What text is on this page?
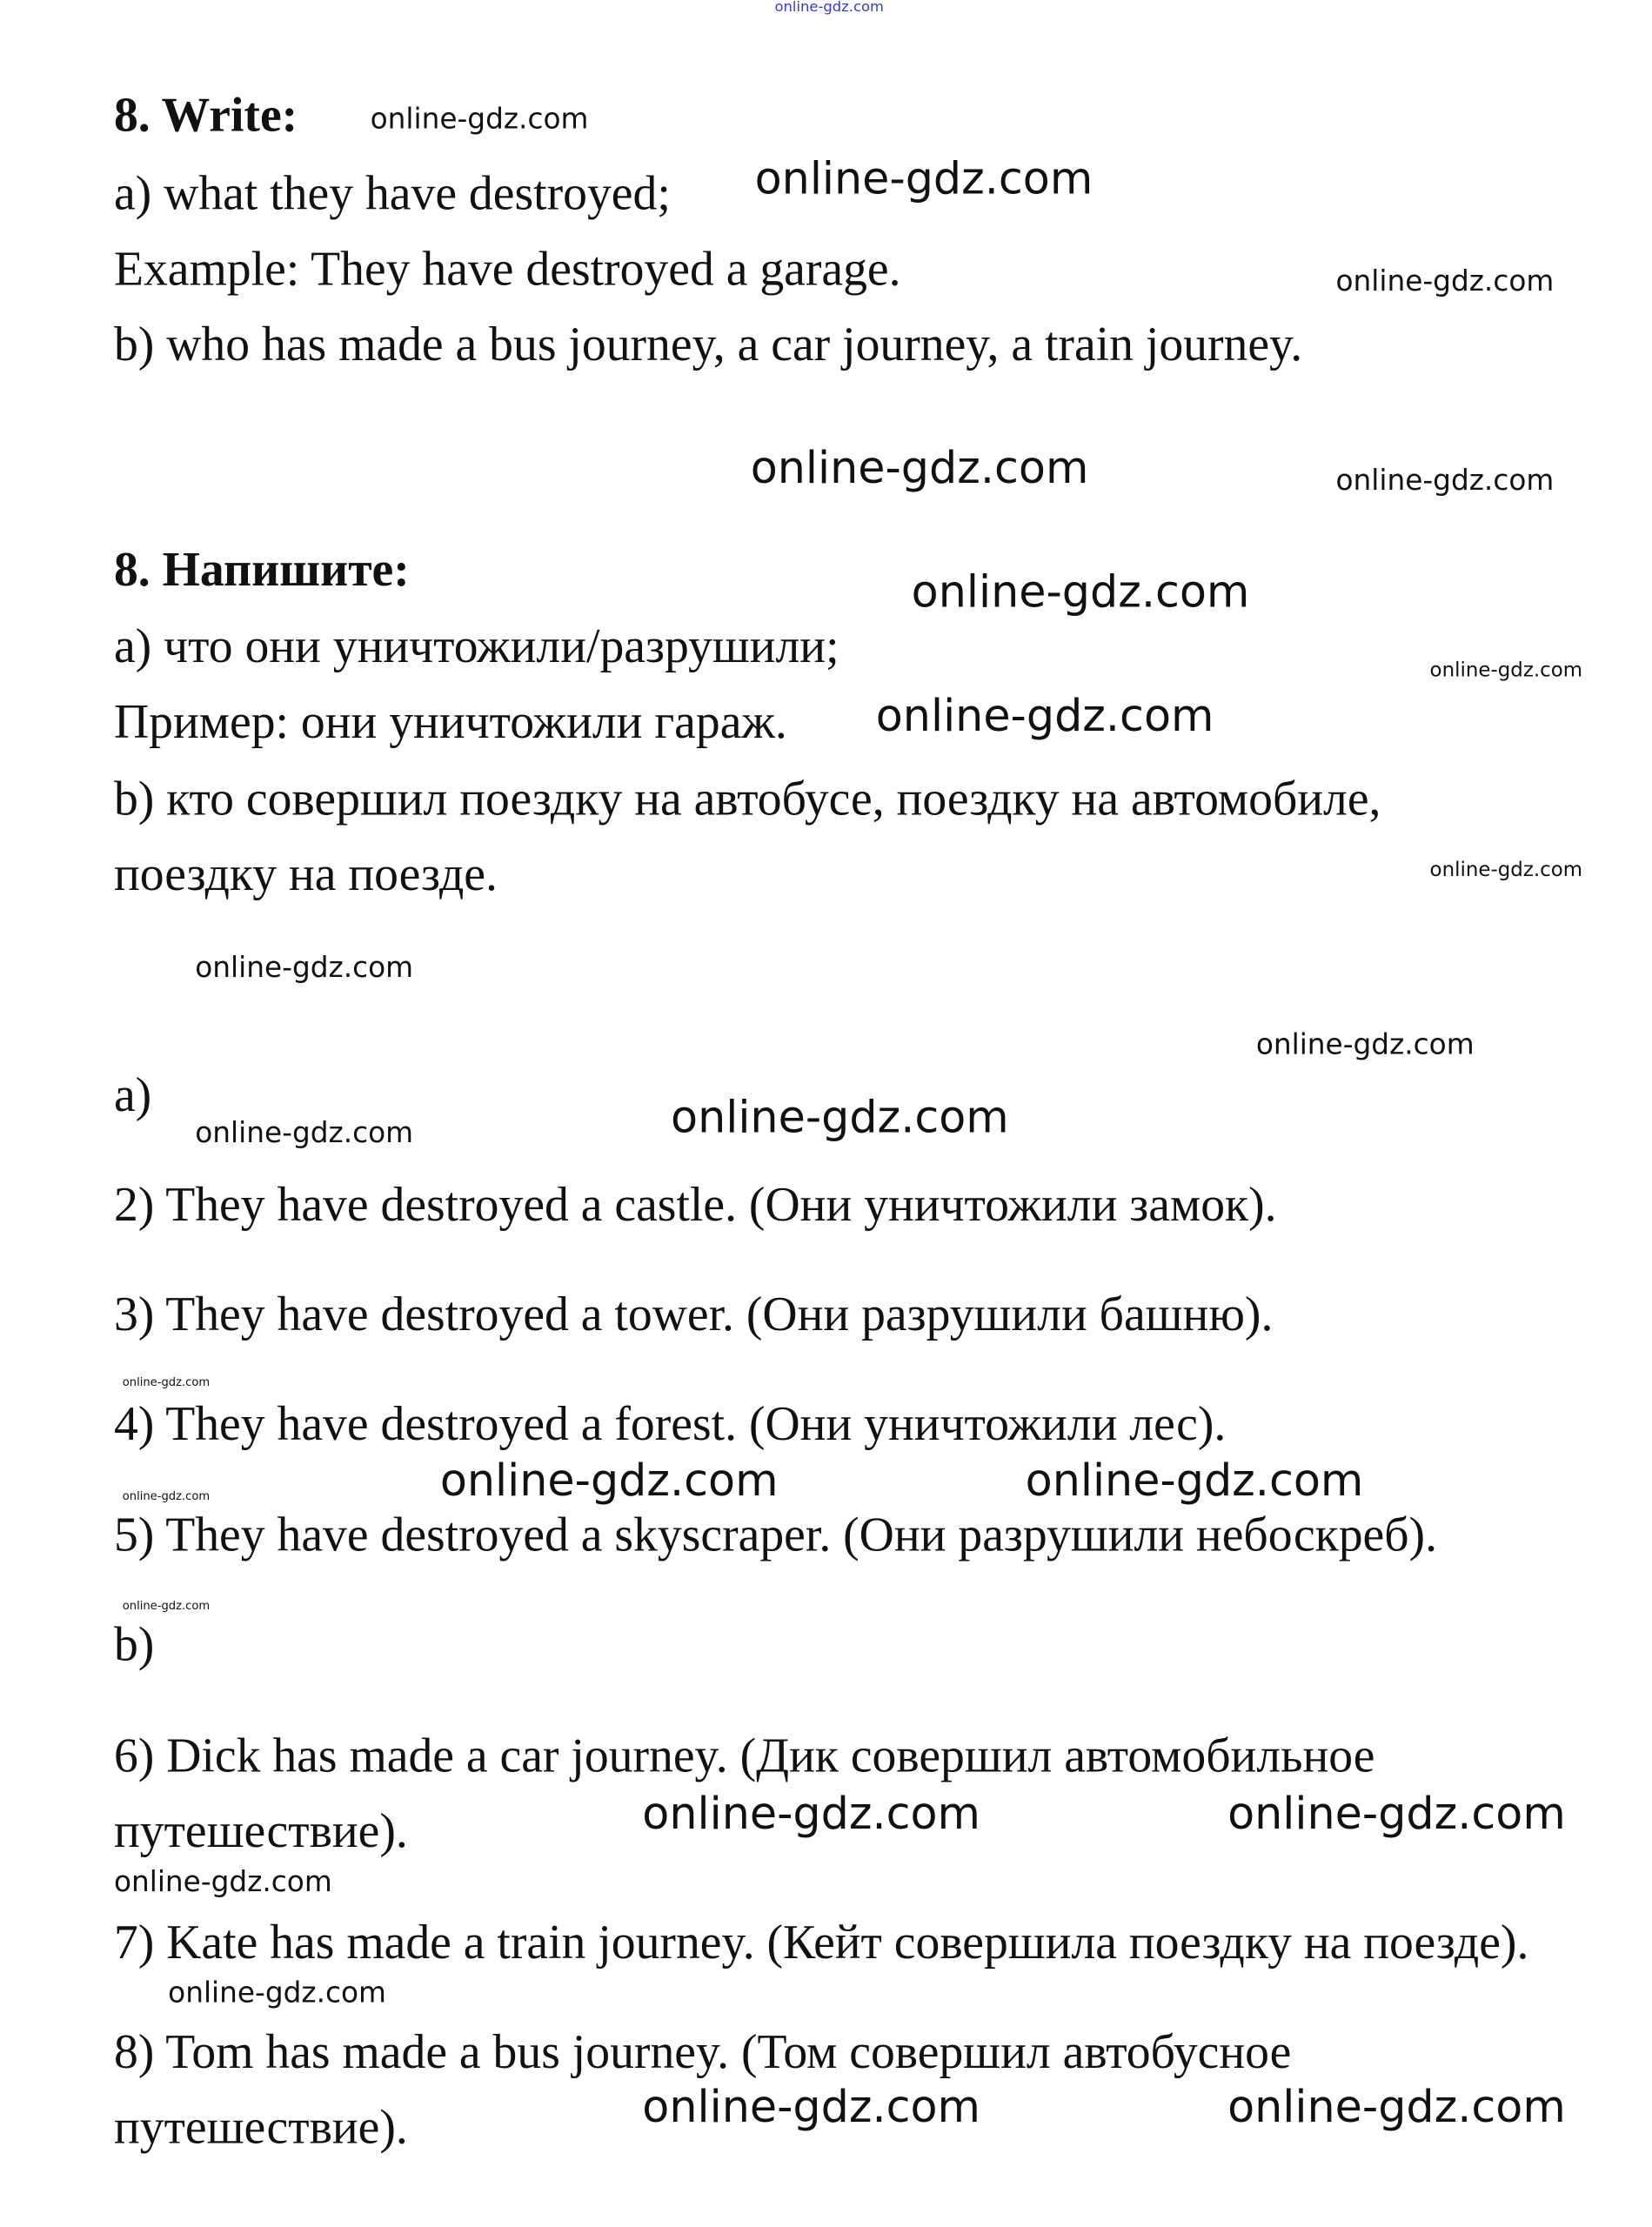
online-gdz.com
8. Write:
a) what they have destroyed;
Example: They have destroyed a garage.
b) who has made a bus journey, a car journey, a train journey.
8. Напишите:
a) что они уничтожили/разрушили;
Пример: они уничтожили гараж.
b) кто совершил поездку на автобусе, поездку на автомобиле,
поездку на поезде.
a)
2) They have destroyed a castle. (Они уничтожили замок).
3) They have destroyed a tower. (Они разрушили башню).
4) They have destroyed a forest. (Они уничтожили лес).
5) They have destroyed a skyscraper. (Они разрушили небоскреб).
b)
6) Dick has made a car journey. (Дик совершил автомобильное
путешествие).
7) Kate has made a train journey. (Кейт совершила поездку на поезде).
8) Tom has made a bus journey. (Том совершил автобусное
путешествие).
online-gdz.com
online-gdz.com
online-gdz.com
online-gdz.com	online-gdz.com
online-gdz.com
online-gdz.com
online-gdz.com
online-gdz.com
online-gdz.com
online-gdz.com
online-gdz.com
online-gdz.com
online-gdz.com
online-gdz.com	online-gdz.com
online-gdz.com
online-gdz.com
online-gdz.com
online-gdz.com	online-gdz.com
online-gdz.com
online-gdz.com	online-gdz.com
